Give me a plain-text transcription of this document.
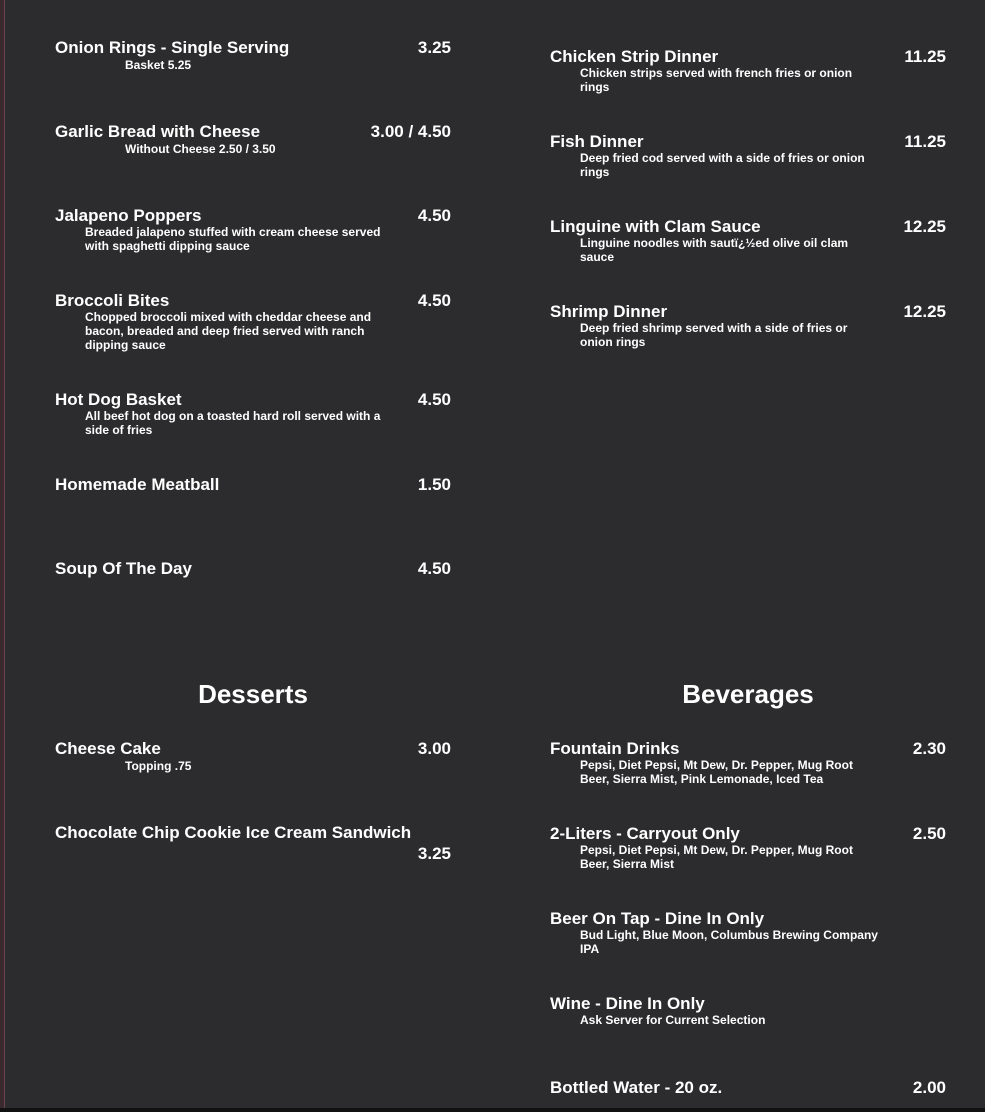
Onion Rings - Single Serving	3.25
Basket 5.25
Garlic Bread with Cheese	3.00 / 4.50
Without Cheese 2.50 / 3.50
Jalapeno Poppers	4.50
Breaded jalapeno stuffed with cream cheese served with spaghetti dipping sauce
Broccoli Bites	4.50
Chopped broccoli mixed with cheddar cheese and bacon, breaded and deep fried served with ranch dipping sauce
Hot Dog Basket	4.50
All beef hot dog on a toasted hard roll served with a side of fries
Homemade Meatball	1.50
Soup Of The Day	4.50
Chicken Strip Dinner	11.25
Chicken strips served with french fries or onion rings
Fish Dinner	11.25
Deep fried cod served with a side of fries or onion rings
Linguine with Clam Sauce	12.25
Linguine noodles with sautï¿½ed olive oil clam sauce
Shrimp Dinner	12.25
Deep fried shrimp served with a side of fries or onion rings
Desserts
Cheese Cake	3.00
Topping .75
Chocolate Chip Cookie Ice Cream Sandwich
3.25
Beverages
Fountain Drinks	2.30
Pepsi, Diet Pepsi, Mt Dew, Dr. Pepper, Mug Root Beer, Sierra Mist, Pink Lemonade, Iced Tea
2-Liters - Carryout Only	2.50
Pepsi, Diet Pepsi, Mt Dew, Dr. Pepper, Mug Root Beer, Sierra Mist
Beer On Tap - Dine In Only
Bud Light, Blue Moon, Columbus Brewing Company IPA
Wine - Dine In Only
Ask Server for Current Selection
Bottled Water - 20 oz.	2.00
